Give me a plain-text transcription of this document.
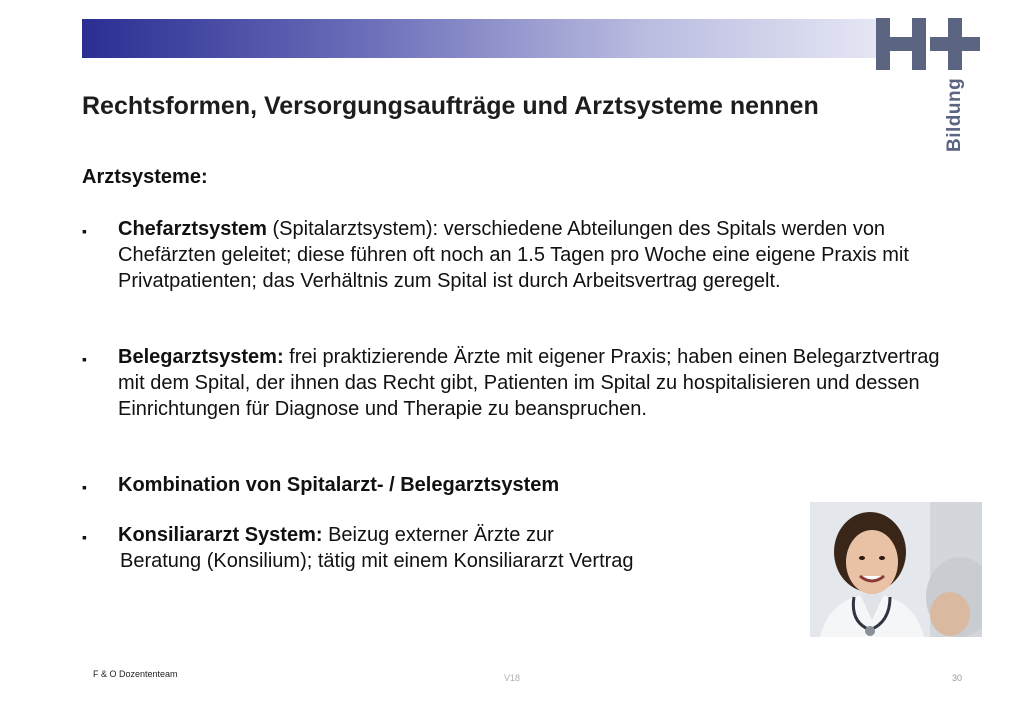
Bildung
Rechtsformen, Versorgungsaufträge und Arztsysteme nennen
Arztsysteme:
▪	Chefarztsystem (Spitalarztsystem): verschiedene Abteilungen des Spitals werden von Chefärzten geleitet; diese führen oft noch an 1.5 Tagen pro Woche eine eigene Praxis mit Privatpatienten; das Verhältnis zum Spital ist durch Arbeitsvertrag geregelt.
▪	Belegarztsystem: frei praktizierende Ärzte mit eigener Praxis; haben einen Belegarztvertrag mit dem Spital, der ihnen das Recht gibt, Patienten im Spital zu hospitalisieren und dessen Einrichtungen für Diagnose und Therapie zu beanspruchen.
▪	Kombination von Spitalarzt- / Belegarztsystem
▪	Konsiliararzt System: Beizug externer Ärzte zur
Beratung (Konsilium); tätig mit einem Konsiliararzt Vertrag
F & O Dozententeam	V18	30
